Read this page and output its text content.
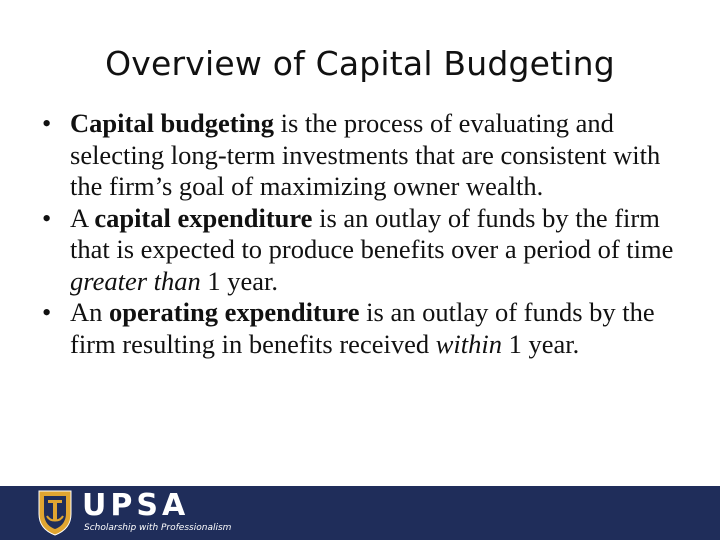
Overview of Capital Budgeting
• Capital budgeting is the process of evaluating and selecting long-term investments that are consistent with the firm’s goal of maximizing owner wealth.
• A capital expenditure is an outlay of funds by the firm that is expected to produce benefits over a period of time greater than 1 year.
• An operating expenditure is an outlay of funds by the firm resulting in benefits received within 1 year.
UPSA
Scholarship with Professionalism
